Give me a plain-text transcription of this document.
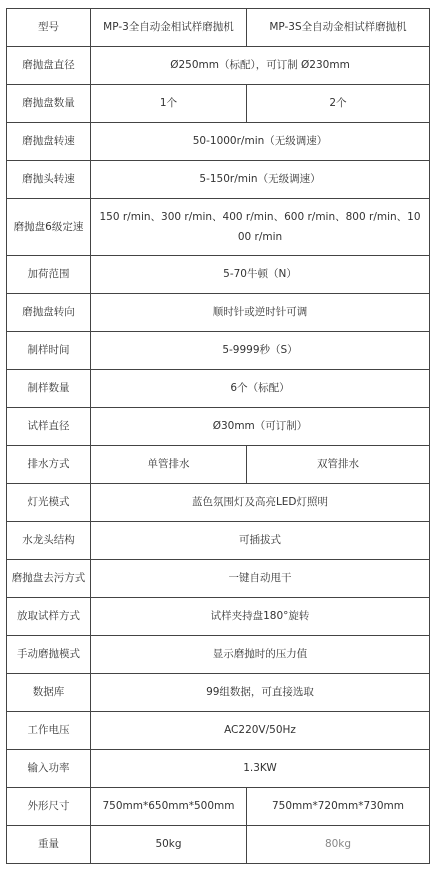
型号	MP-3全自动金相试样磨抛机	MP-3S全自动金相试样磨抛机
磨抛盘直径	Ø250mm（标配），可订制 Ø230mm	
磨抛盘数量	1个	2个
磨抛盘转速	50-1000r/min（无级调速）	
磨抛头转速	5-150r/min（无级调速）	
磨抛盘6级定速	150 r/min、300 r/min、400 r/min、600 r/min、800 r/min、1000 r/min	
加荷范围	5-70牛顿（N）	
磨抛盘转向	顺时针或逆时针可调	
制样时间	5-9999秒（S）	
制样数量	6个（标配）	
试样直径	Ø30mm（可订制）	
排水方式	单管排水	双管排水
灯光模式	蓝色氛围灯及高亮LED灯照明	
水龙头结构	可插拔式	
磨抛盘去污方式	一键自动甩干	
放取试样方式	试样夹持盘180°旋转	
手动磨抛模式	显示磨抛时的压力值	
数据库	99组数据，可直接选取	
工作电压	AC220V/50Hz	
输入功率	1.3KW	
外形尺寸	750mm*650mm*500mm	750mm*720mm*730mm
重量	50kg	80kg
